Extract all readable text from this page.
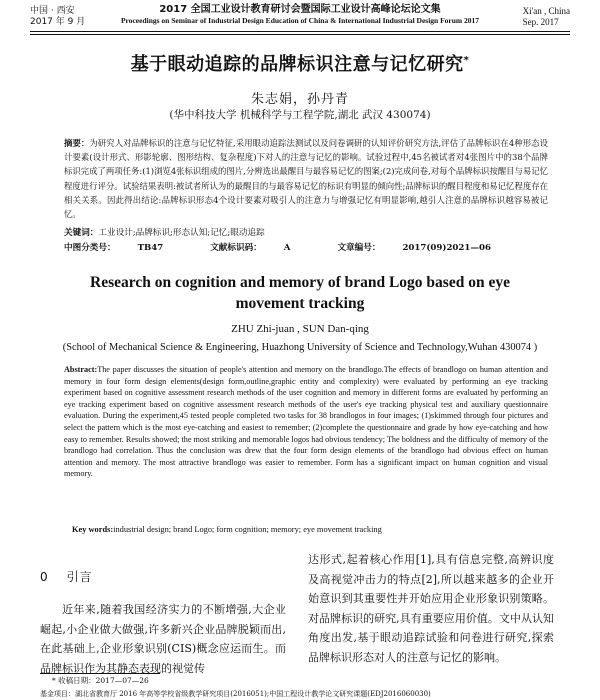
中国 · 西安
2017 年 9 月
2017 全国工业设计教育研讨会暨国际工业设计高峰论坛论文集
Proceedings on Seminar of Industrial Design Education of China & International Industrial Design Forum 2017
Xi'an , China
Sep. 2017
基于眼动追踪的品牌标识注意与记忆研究*
朱志娟，孙丹青
(华中科技大学 机械科学与工程学院,湖北 武汉 430074)
摘要：为研究人对品牌标识的注意与记忆特征,采用眼动追踪法测试以及问卷调研的认知评价研究方法,评估了品牌标识在4种形态设计要素(设计形式、形影轮廓、图形结构、复杂程度)下对人的注意与记忆的影响。试验过程中,45名被试者对4张图片中的38个品牌标识完成了两项任务:(1)浏览4张标识组成的图片,分辨选出最醒目与最容易记忆的图案;(2)完成问卷,对每个品牌标识按醒目与易记忆程度进行评分。试验结果表明:被试者所认为的最醒目的与最容易记忆的标识有明显的倾向性;品牌标识的醒目程度和易记忆程度存在相关关系。因此得出结论:品牌标识形态4个设计要素对吸引人的注意力与增强记忆有明显影响,越引人注意的品牌标识越容易被记忆。
关键词：工业设计;品牌标识;形态认知;记忆;眼动追踪
中图分类号：	TB47	文献标识码：	A	文章编号：	2017(09)2021—06
Research on cognition and memory of brand Logo based on eye movement tracking
ZHU Zhi-juan , SUN Dan-qing
(School of Mechanical Science & Engineering, Huazhong University of Science and Technology,Wuhan 430074 )
Abstract:The paper discusses the situation of people's attention and memory on the brandlogo.The effects of brandlogo on human attention and memory in four form design elements(design form,outline,graphic entity and complexity) were evaluated by performing an eye tracking experiment based on cognitive assessment research methods of the user cognition and memory in different forms are evaluated by performing an eye tracking experiment based on cognitive assessment research methods of the user's eye tracking physical test and auxiliary questionnaire evaluation. During the experiment,45 tested people completed two tasks for 38 brandlogos in four images; (1)skimmed through four pictures and select the pattern which is the most eye-catching and easiest to remember; (2)complete the questionnaire and grade by how eye-catching and how easy to remember. Results showed; the most striking and memorable logos had obvious tendency; The boldness and the difficulty of memory of the brandlogo had correlation. Thus the conclusion was drew that the four form design elements of the brandlogo had obvious effect on human attention and memory. The most attractive brandlogo was easier to remember. Form has a significant impact on human cognition and visual memory.
Key words:industrial design; brand Logo; form cognition; memory; eye movement tracking
0 引言
近年来,随着我国经济实力的不断增强,大企业崛起,小企业做大做强,许多新兴企业品牌脱颖而出,在此基础上,企业形象识别(CIS)概念应运而生。而品牌标识作为其静态表现的视觉传

达形式,起着核心作用[1],具有信息完整,高辨识度及高视觉冲击力的特点[2],所以越来越多的企业开始意识到其重要性并开始应用企业形象识别策略。对品牌标识的研究,具有重要应用价值。文中从认知角度出发,基于眼动追踪试验和问卷进行研究,探索品牌标识形态对人的注意与记忆的影响。

* 收稿日期：2017—07—26
基金项目：湖北省教育厅 2016 年高等学校省级教学研究项目(2016051);中国工程设计教学论文研究课题(EDJ2016060030)
